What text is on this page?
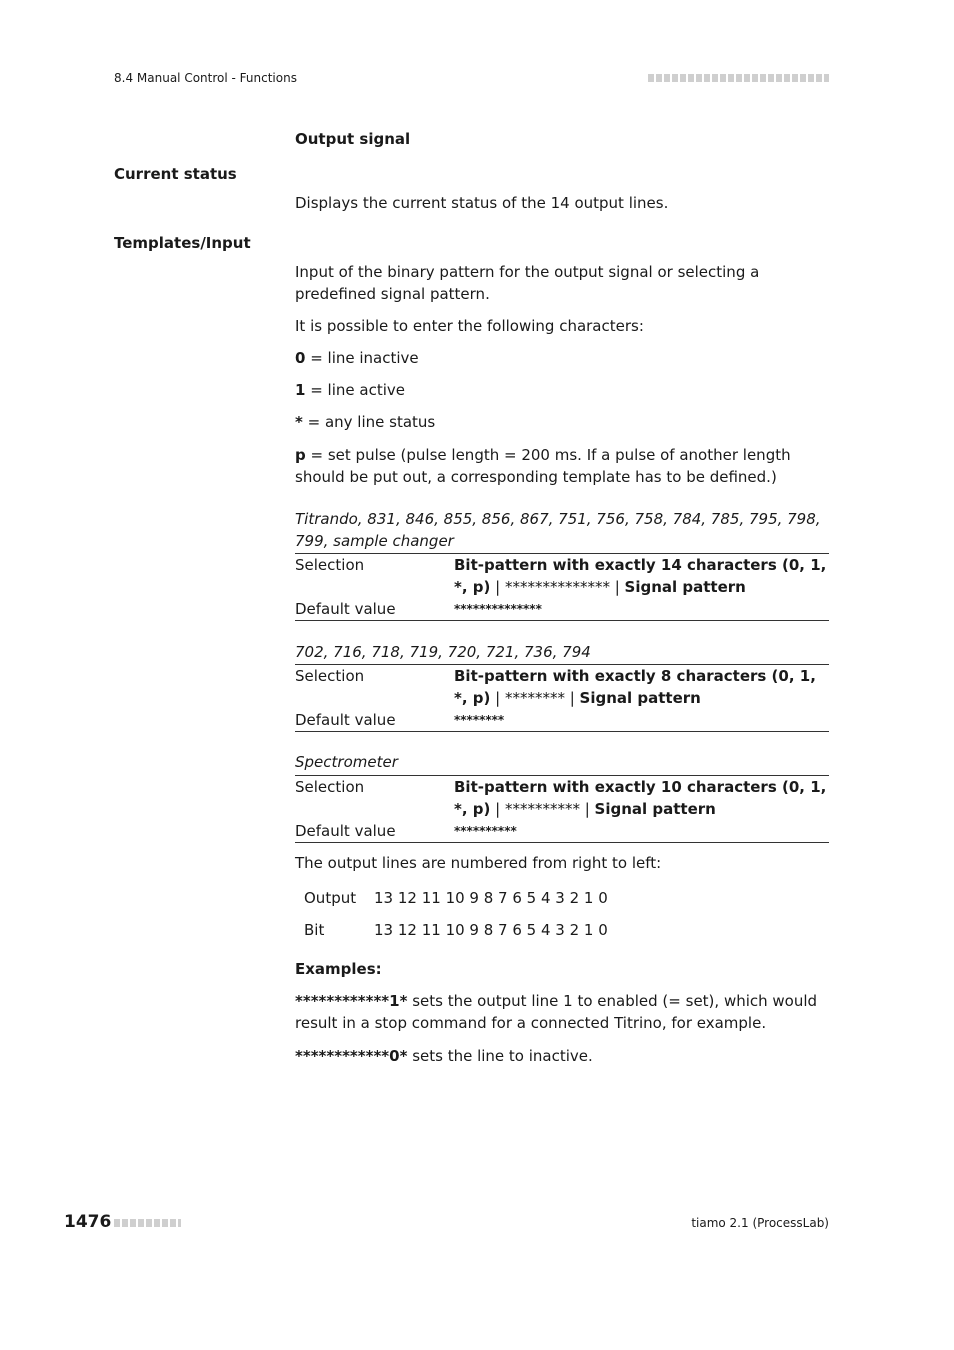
8.4 Manual Control - Functions
Output signal
Current status
Displays the current status of the 14 output lines.
Templates/Input
Input of the binary pattern for the output signal or selecting a predefined signal pattern.
It is possible to enter the following characters:
0 = line inactive
1 = line active
* = any line status
p = set pulse (pulse length = 200 ms. If a pulse of another length should be put out, a corresponding template has to be defined.)
Titrando, 831, 846, 855, 856, 867, 751, 756, 758, 784, 785, 795, 798, 799, sample changer
Selection	Bit-pattern with exactly 14 characters (0, 1, *, p) | ************** | Signal pattern
Default value	**************
702, 716, 718, 719, 720, 721, 736, 794
Selection	Bit-pattern with exactly 8 characters (0, 1, *, p) | ******** | Signal pattern
Default value	********
Spectrometer
Selection	Bit-pattern with exactly 10 characters (0, 1, *, p) | ********** | Signal pattern
Default value	**********
The output lines are numbered from right to left:
Output 13 12 11 10 9 8 7 6 5 4 3 2 1 0
Bit	13 12 11 10 9 8 7 6 5 4 3 2 1 0
Examples:
************1* sets the output line 1 to enabled (= set), which would result in a stop command for a connected Titrino, for example.
************0* sets the line to inactive.
1476	tiamo 2.1 (ProcessLab)
